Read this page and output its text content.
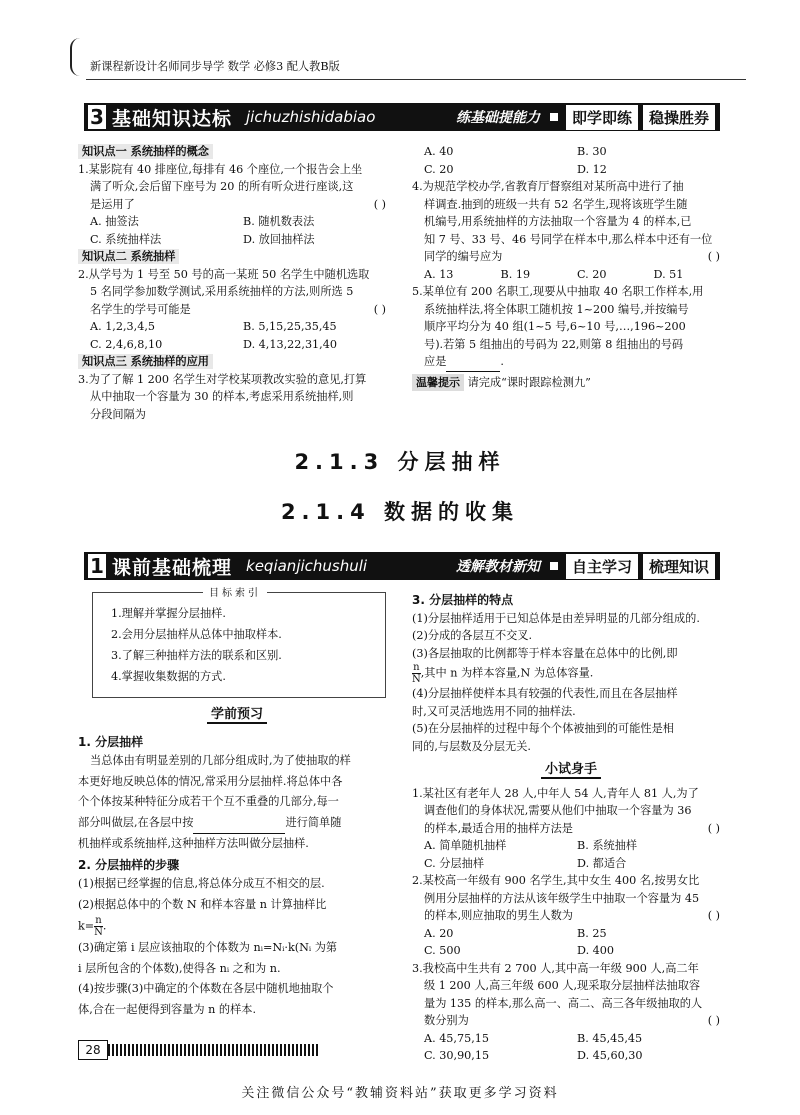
新课程新设计名师同步导学 数学 必修3 配人教B版
3 基础知识达标 jichuzhishidabiao	练基础提能力	即学即练	稳操胜券
知识点一 系统抽样的概念
1.某影院有 40 排座位,每排有 46 个座位,一个报告会上坐
满了听众,会后留下座号为 20 的所有听众进行座谈,这
是运用了	( )
A. 抽签法	B. 随机数表法
C. 系统抽样法	D. 放回抽样法
知识点二 系统抽样
2.从学号为 1 号至 50 号的高一某班 50 名学生中随机选取
5 名同学参加数学测试,采用系统抽样的方法,则所选 5
名学生的学号可能是	( )
A. 1,2,3,4,5	B. 5,15,25,35,45
C. 2,4,6,8,10	D. 4,13,22,31,40
知识点三 系统抽样的应用
3.为了了解 1 200 名学生对学校某项教改实验的意见,打算
从中抽取一个容量为 30 的样本,考虑采用系统抽样,则
分段间隔为
A. 40	B. 30
C. 20	D. 12
4.为规范学校办学,省教育厅督察组对某所高中进行了抽
样调查.抽到的班级一共有 52 名学生,现将该班学生随
机编号,用系统抽样的方法抽取一个容量为 4 的样本,已
知 7 号、33 号、46 号同学在样本中,那么样本中还有一位
同学的编号应为	( )
A. 13	B. 19	C. 20	D. 51
5.某单位有 200 名职工,现要从中抽取 40 名职工作样本,用
系统抽样法,将全体职工随机按 1~200 编号,并按编号
顺序平均分为 40 组(1~5 号,6~10 号,…,196~200
号).若第 5 组抽出的号码为 22,则第 8 组抽出的号码
应是	.
温馨提示 请完成“课时跟踪检测九”
2.1.3 分层抽样
2.1.4 数据的收集
1 课前基础梳理 keqianjichushuli	透解教材新知	自主学习	梳理知识
目标索引
1.理解并掌握分层抽样.
2.会用分层抽样从总体中抽取样本.
3.了解三种抽样方法的联系和区别.
4.掌握收集数据的方式.
学前预习
1. 分层抽样
当总体由有明显差别的几部分组成时,为了使抽取的样
本更好地反映总体的情况,常采用分层抽样.将总体中各
个个体按某种特征分成若干个互不重叠的几部分,每一
部分叫做层,在各层中按	进行简单随
机抽样或系统抽样,这种抽样方法叫做分层抽样.
2. 分层抽样的步骤
(1)根据已经掌握的信息,将总体分成互不相交的层.
(2)根据总体中的个数 N 和样本容量 n 计算抽样比
$k= \frac{n}{N}$.
(3)确定第 i 层应该抽取的个体数为 nᵢ=Nᵢ·k(Nᵢ 为第
i 层所包含的个体数),使得各 nᵢ 之和为 n.
(4)按步骤(3)中确定的个体数在各层中随机地抽取个
体,合在一起便得到容量为 n 的样本.
3. 分层抽样的特点
(1)分层抽样适用于已知总体是由差异明显的几部分组成的.
(2)分成的各层互不交叉.
(3)各层抽取的比例都等于样本容量在总体中的比例,即
$\frac{n}{N}$,其中 n 为样本容量,N 为总体容量.
(4)分层抽样使样本具有较强的代表性,而且在各层抽样
时,又可灵活地选用不同的抽样法.
(5)在分层抽样的过程中每个个体被抽到的可能性是相
同的,与层数及分层无关.
小试身手
1.某社区有老年人 28 人,中年人 54 人,青年人 81 人,为了
调查他们的身体状况,需要从他们中抽取一个容量为 36
的样本,最适合用的抽样方法是	( )
A. 简单随机抽样	B. 系统抽样
C. 分层抽样	D. 都适合
2.某校高一年级有 900 名学生,其中女生 400 名,按男女比
例用分层抽样的方法从该年级学生中抽取一个容量为 45
的样本,则应抽取的男生人数为	( )
A. 20	B. 25
C. 500	D. 400
3.我校高中生共有 2 700 人,其中高一年级 900 人,高二年
级 1 200 人,高三年级 600 人,现采取分层抽样法抽取容
量为 135 的样本,那么高一、高二、高三各年级抽取的人
数分别为	( )
A. 45,75,15	B. 45,45,45
C. 30,90,15	D. 45,60,30
28
关注微信公众号“教辅资料站”获取更多学习资料
